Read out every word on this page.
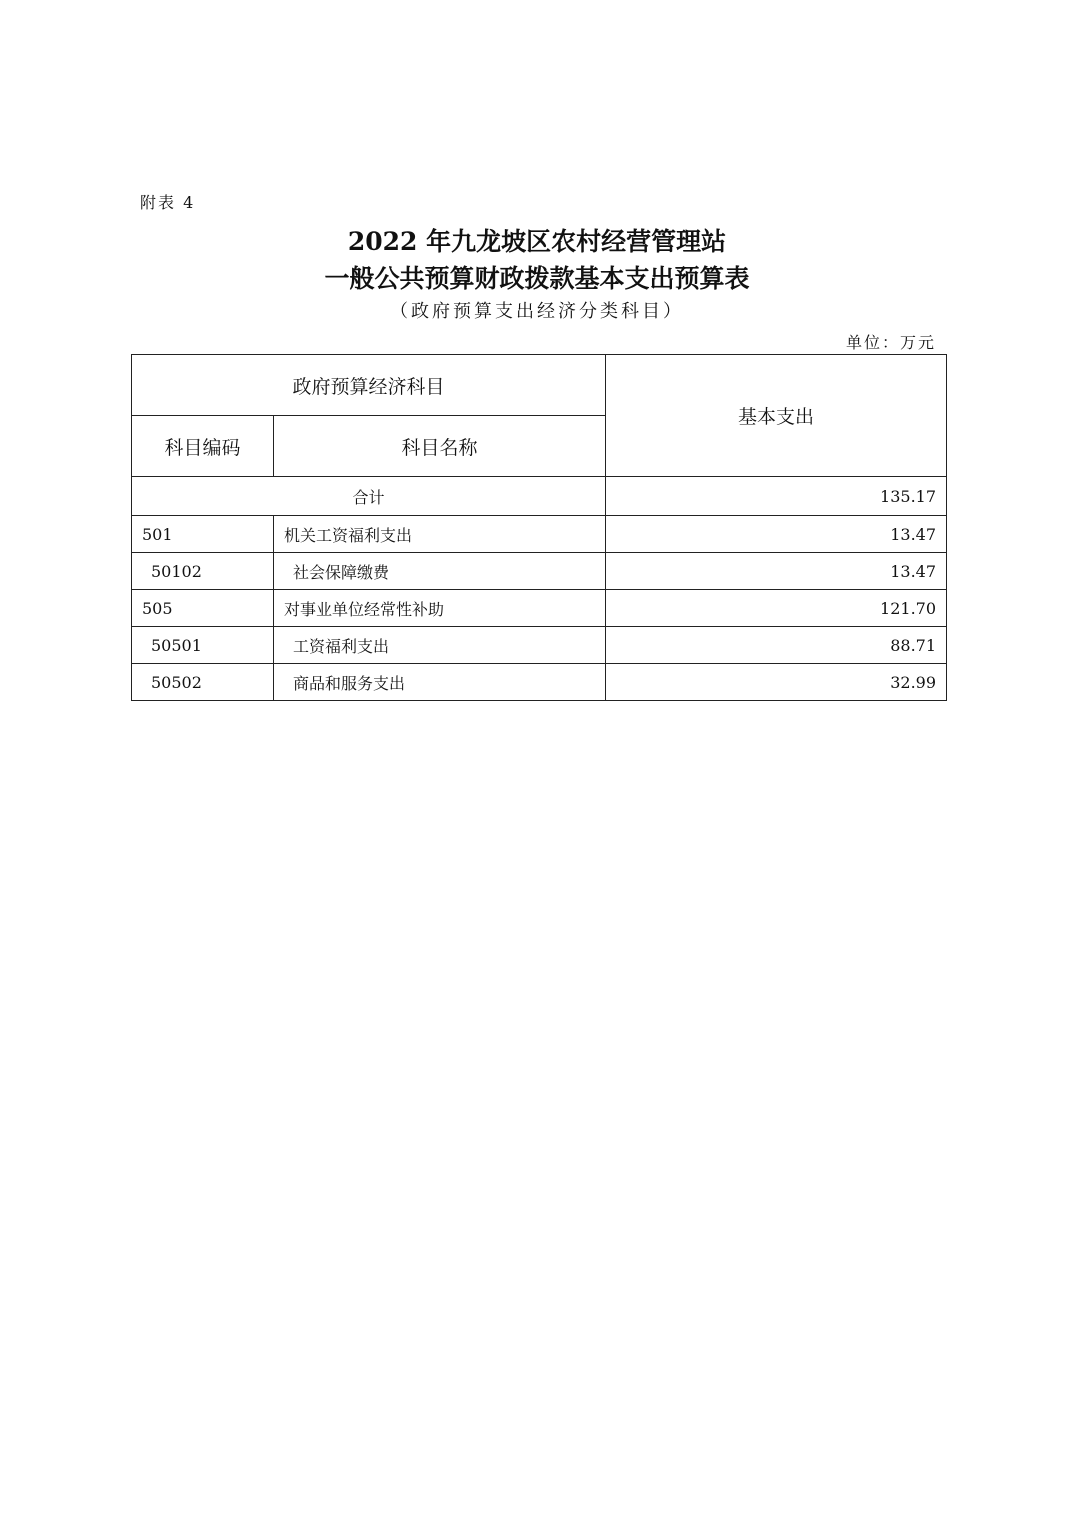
附表 4
2022 年九龙坡区农村经营管理站
一般公共预算财政拨款基本支出预算表
（政府预算支出经济分类科目）
单位：万元
政府预算经济科目		基本支出
科目编码	科目名称	
合计		135.17
501	机关工资福利支出	13.47
50102	社会保障缴费	13.47
505	对事业单位经常性补助	121.70
50501	工资福利支出	88.71
50502	商品和服务支出	32.99
